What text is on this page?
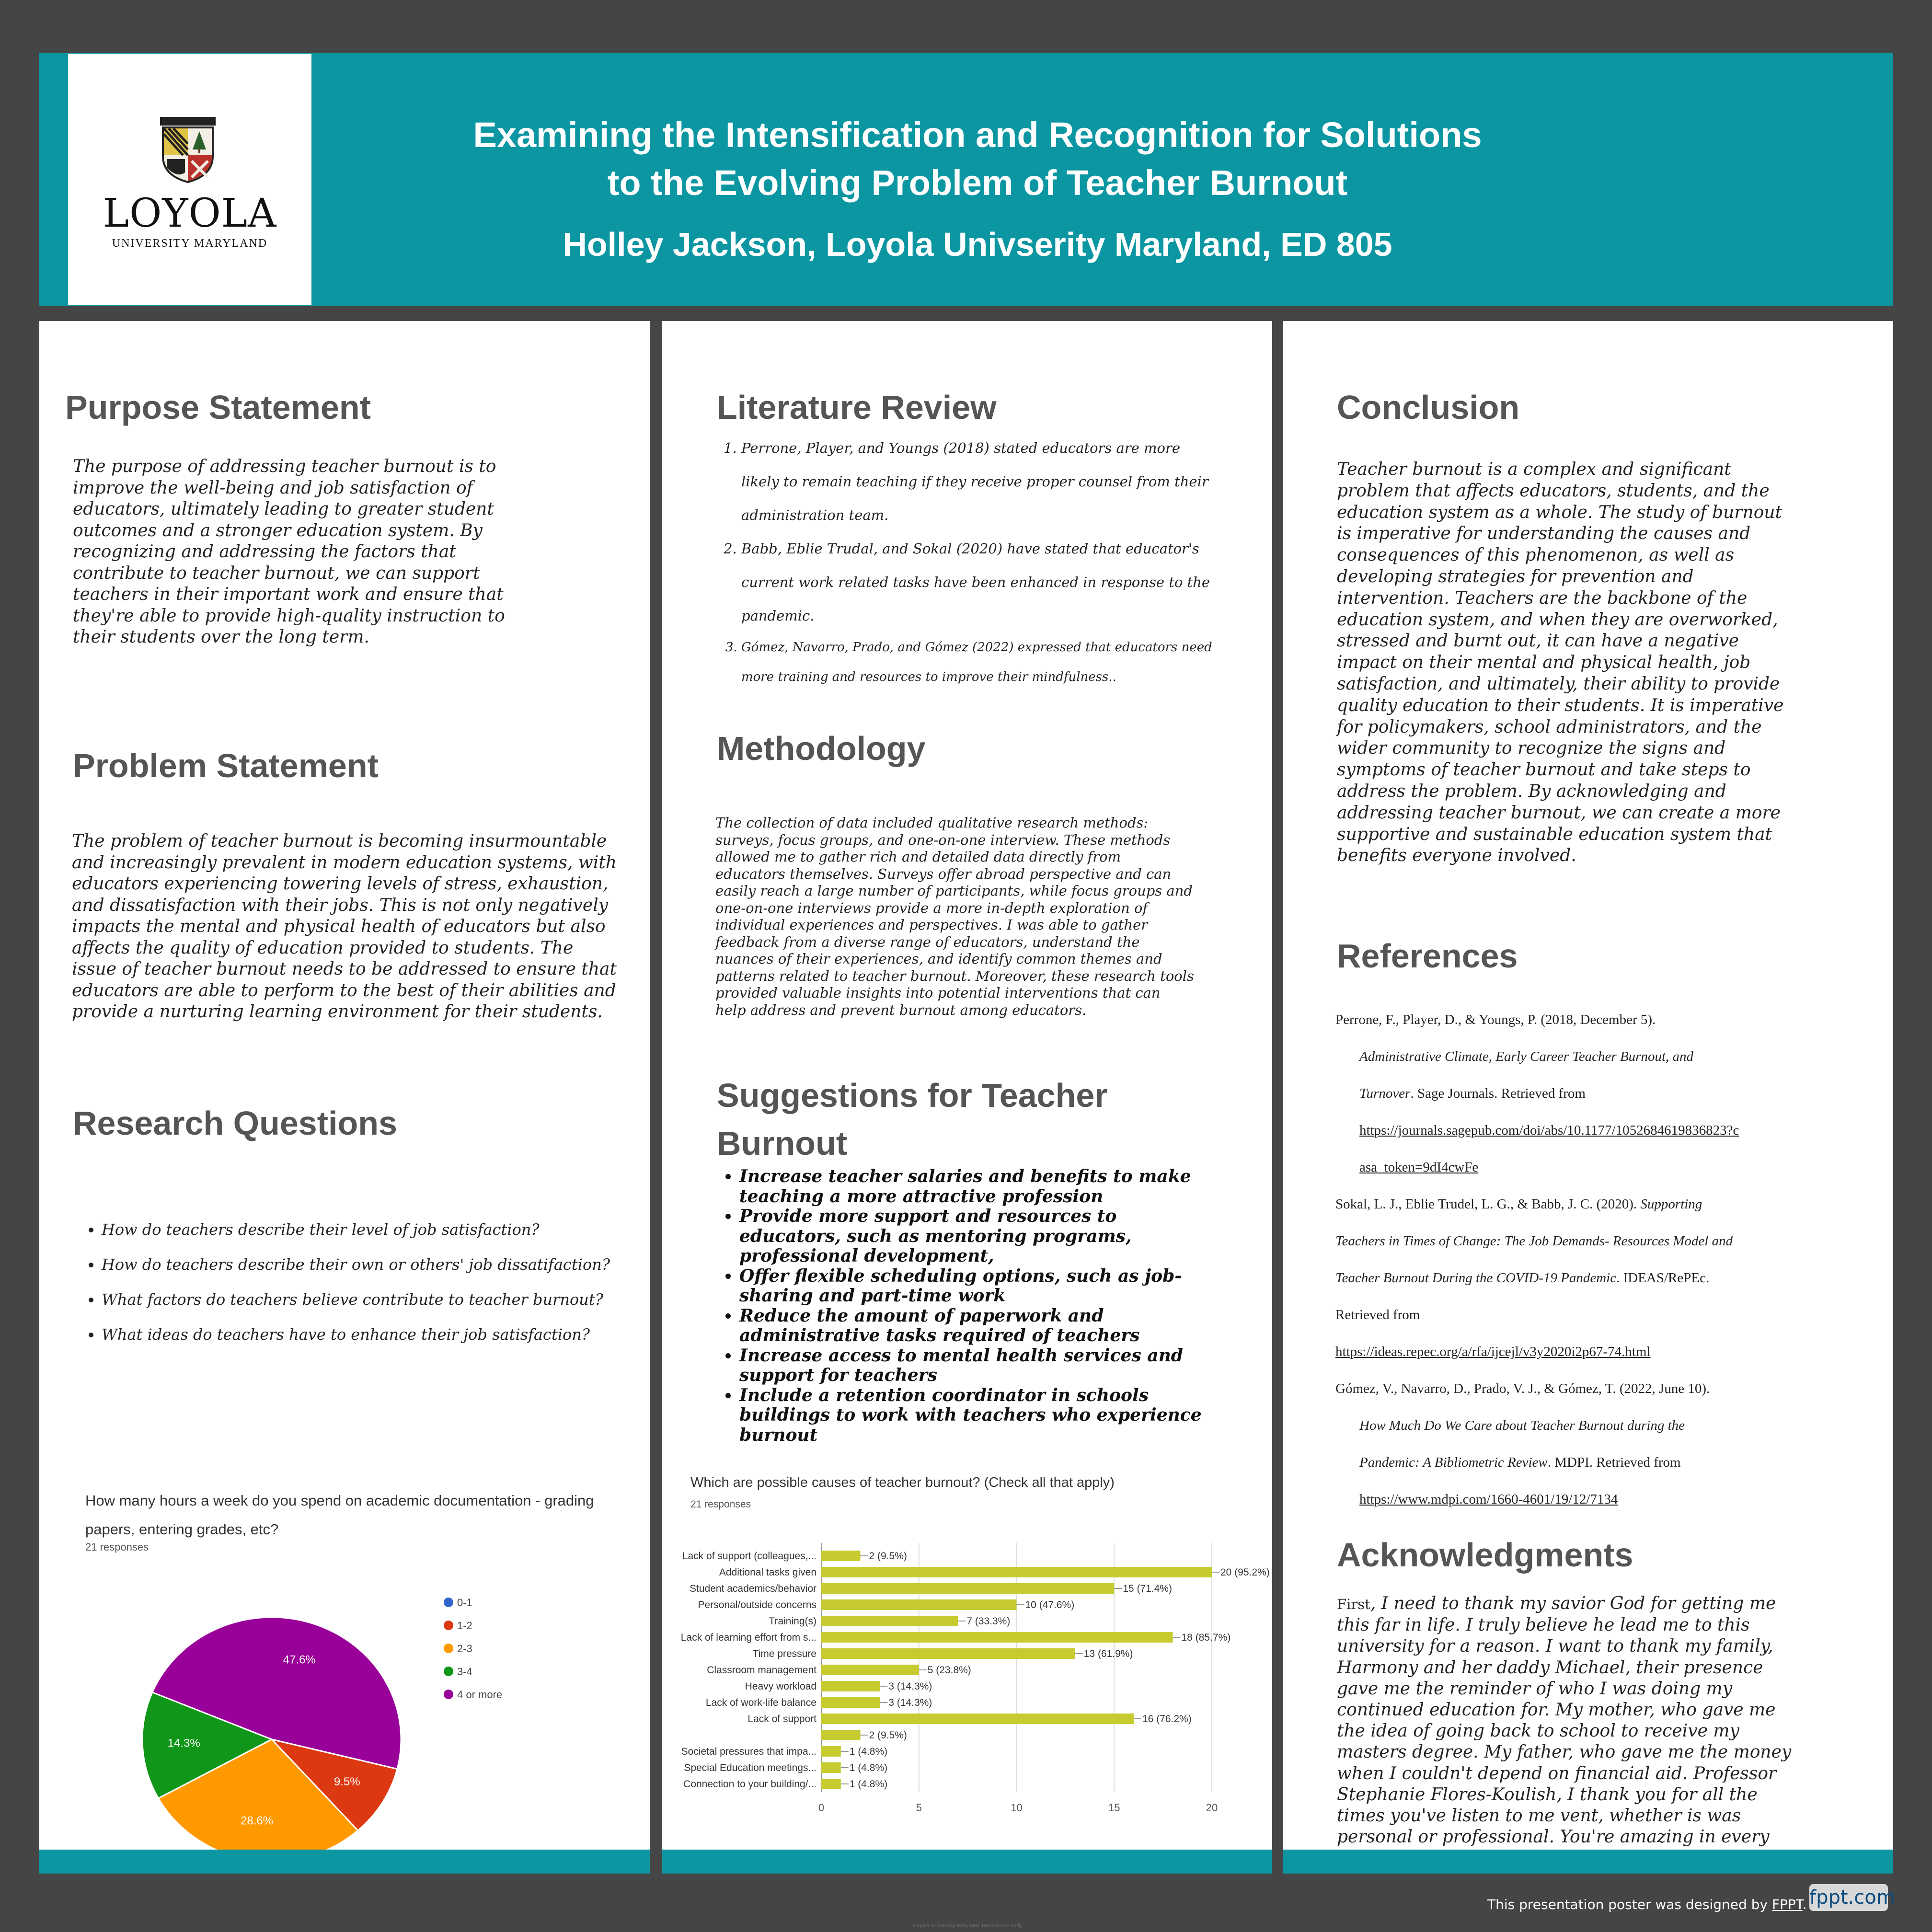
LOYOLA
UNIVERSITY MARYLAND
Examining the Intensification and Recognition for Solutions
to the Evolving Problem of Teacher Burnout
Holley Jackson, Loyola Univserity Maryland, ED 805
Purpose Statement

The purpose of addressing teacher burnout is to improve the well-being and job satisfaction of educators, ultimately leading to greater student outcomes and a stronger education system. By recognizing and addressing the factors that contribute to teacher burnout, we can support teachers in their important work and ensure that they're able to provide high-quality instruction to their students over the long term.

Problem Statement

The problem of teacher burnout is becoming insurmountable and increasingly prevalent in modern education systems, with educators experiencing towering levels of stress, exhaustion, and dissatisfaction with their jobs. This is not only negatively impacts the mental and physical health of educators but also affects the quality of education provided to students. The issue of teacher burnout needs to be addressed to ensure that educators are able to perform to the best of their abilities and provide a nurturing learning environment for their students.

Research Questions
• How do teachers describe their level of job satisfaction?
• How do teachers describe their own or others' job dissatifaction?
• What factors do teachers believe contribute to teacher burnout?
• What ideas do teachers have to enhance their job satisfaction?
How many hours a week do you spend on academic documentation - grading papers, entering grades, etc?
21 responses
47.6%
9.5%
28.6%
14.3%
0-1
1-2
2-3
3-4
4 or more
Literature Review
1. Perrone, Player, and Youngs (2018) stated educators are more likely to remain teaching if they receive proper counsel from their administration team.
2. Babb, Eblie Trudal, and Sokal (2020) have stated that educator's current work related tasks have been enhanced in response to the pandemic.
3. Gómez, Navarro, Prado, and Gómez (2022) expressed that educators need more training and resources to improve their mindfulness..
Methodology

The collection of data included qualitative research methods: surveys, focus groups, and one-on-one interview. These methods allowed me to gather rich and detailed data directly from educators themselves. Surveys offer abroad perspective and can easily reach a large number of participants, while focus groups and one-on-one interviews provide a more in-depth exploration of individual experiences and perspectives. I was able to gather feedback from a diverse range of educators, understand the nuances of their experiences, and identify common themes and patterns related to teacher burnout. Moreover, these research tools provided valuable insights into potential interventions that can help address and prevent burnout among educators.

Suggestions for Teacher
Burnout
• Increase teacher salaries and benefits to make teaching a more attractive profession
• Provide more support and resources to educators, such as mentoring programs, professional development,
• Offer flexible scheduling options, such as job-sharing and part-time work
• Reduce the amount of paperwork and administrative tasks required of teachers
• Increase access to mental health services and support for teachers
• Include a retention coordinator in schools buildings to work with teachers who experience burnout
Which are possible causes of teacher burnout? (Check all that apply)
21 responses
0	5	10	15	20
Lack of support (colleagues,...	2 (9.5%)
Additional tasks given	20 (95.2%)
Student academics/behavior	15 (71.4%)
Personal/outside concerns	10 (47.6%)
Training(s)	7 (33.3%)
Lack of learning effort from s...	18 (85.7%)
Time pressure	13 (61.9%)
Classroom management	5 (23.8%)
Heavy workload	3 (14.3%)
Lack of work-life balance	3 (14.3%)
Lack of support	16 (76.2%)
2 (9.5%)
Societal pressures that impa...	1 (4.8%)
Special Education meetings...	1 (4.8%)
Connection to your building/...	1 (4.8%)
Conclusion

Teacher burnout is a complex and significant problem that affects educators, students, and the education system as a whole. The study of burnout is imperative for understanding the causes and consequences of this phenomenon, as well as developing strategies for prevention and intervention. Teachers are the backbone of the education system, and when they are overworked, stressed and burnt out, it can have a negative impact on their mental and physical health, job satisfaction, and ultimately, their ability to provide quality education to their students. It is imperative for policymakers, school administrators, and the wider community to recognize the signs and symptoms of teacher burnout and take steps to address the problem. By acknowledging and addressing teacher burnout, we can create a more supportive and sustainable education system that benefits everyone involved.

References

Perrone, F., Player, D., & Youngs, P. (2018, December 5).

Administrative Climate, Early Career Teacher Burnout, and

Turnover. Sage Journals. Retrieved from

https://journals.sagepub.com/doi/abs/10.1177/1052684619836823?c

asa_token=9dI4cwFe

Sokal, L. J., Eblie Trudel, L. G., & Babb, J. C. (2020). Supporting

Teachers in Times of Change: The Job Demands- Resources Model and

Teacher Burnout During the COVID-19 Pandemic. IDEAS/RePEc.

Retrieved from

https://ideas.repec.org/a/rfa/ijcejl/v3y2020i2p67-74.html

Gómez, V., Navarro, D., Prado, V. J., & Gómez, T. (2022, June 10).

How Much Do We Care about Teacher Burnout during the

Pandemic: A Bibliometric Review. MDPI. Retrieved from

https://www.mdpi.com/1660-4601/19/12/7134

Acknowledgments

First, I need to thank my savior God for getting me this far in life. I truly believe he lead me to this university for a reason. I want to thank my family, Harmony and her daddy Michael, their presence gave me the reminder of who I was doing my continued education for. My mother, who gave me the idea of going back to school to receive my masters degree. My father, who gave me the money when I couldn't depend on financial aid. Professor Stephanie Flores-Koulish, I thank you for all the times you've listen to me vent, whether is was personal or professional. You're amazing in every

This presentation poster was designed by FPPT. fppt.com
Loyola University Maryland Internal Use Only
